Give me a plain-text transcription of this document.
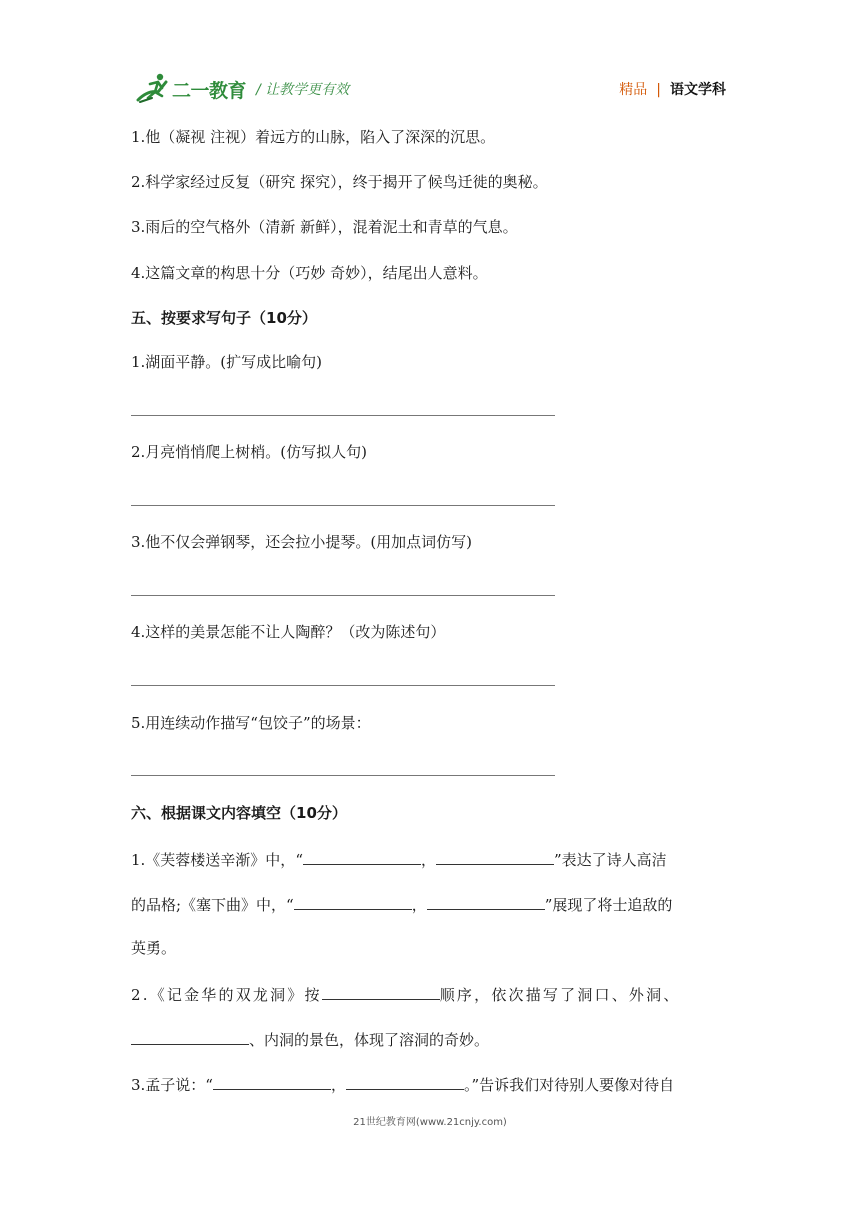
二一教育 / 让教学更有效	精品 | 语文学科
1.他（凝视 注视）着远方的山脉，陷入了深深的沉思。
2.科学家经过反复（研究 探究），终于揭开了候鸟迁徙的奥秘。
3.雨后的空气格外（清新 新鲜），混着泥土和青草的气息。
4.这篇文章的构思十分（巧妙 奇妙），结尾出人意料。
五、按要求写句子（10分）
1.湖面平静。(扩写成比喻句)
2.月亮悄悄爬上树梢。(仿写拟人句)
3.他不仅会弹钢琴，还会拉小提琴。(用加点词仿写)
4.这样的美景怎能不让人陶醉？（改为陈述句）
5.用连续动作描写“包饺子”的场景：
六、根据课文内容填空（10分）
1.《芙蓉楼送辛渐》中，“	，	”表达了诗人高洁
的品格;《塞下曲》中，“	，	”展现了将士追敌的
英勇。
2.《记金华的双龙洞》按	顺序，依次描写了洞口、外洞、
、内洞的景色，体现了溶洞的奇妙。
3.孟子说：“	，	。”告诉我们对待别人要像对待自
21世纪教育网(www.21cnjy.com)
